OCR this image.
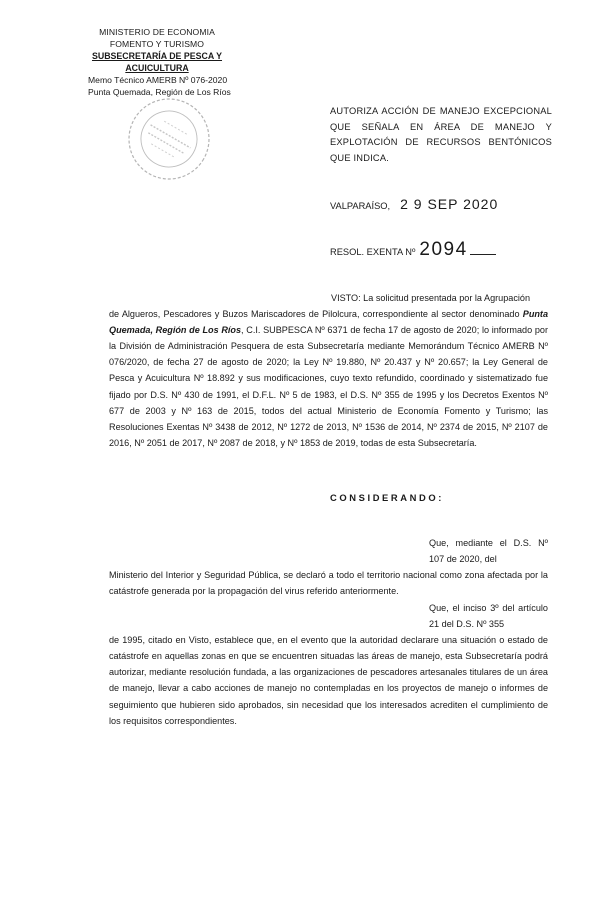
MINISTERIO DE ECONOMIA
FOMENTO Y TURISMO
SUBSECRETARÍA DE PESCA Y ACUICULTURA
Memo Técnico AMERB Nº 076-2020
Punta Quemada, Región de Los Ríos
AUTORIZA ACCIÓN DE MANEJO EXCEPCIONAL QUE SEÑALA EN ÁREA DE MANEJO Y EXPLOTACIÓN DE RECURSOS BENTÓNICOS QUE INDICA.
VALPARAÍSO, 2 9 SEP 2020
RESOL. EXENTA Nº 2094
VISTO: La solicitud presentada por la Agrupación
de Algueros, Pescadores y Buzos Mariscadores de Pilolcura, correspondiente al sector denominado Punta Quemada, Región de Los Ríos, C.I. SUBPESCA Nº 6371 de fecha 17 de agosto de 2020; lo informado por la División de Administración Pesquera de esta Subsecretaría mediante Memorándum Técnico AMERB Nº 076/2020, de fecha 27 de agosto de 2020; la Ley Nº 19.880, Nº 20.437 y Nº 20.657; la Ley General de Pesca y Acuicultura Nº 18.892 y sus modificaciones, cuyo texto refundido, coordinado y sistematizado fue fijado por D.S. Nº 430 de 1991, el D.F.L. Nº 5 de 1983, el D.S. Nº 355 de 1995 y los Decretos Exentos Nº 677 de 2003 y Nº 163 de 2015, todos del actual Ministerio de Economía Fomento y Turismo; las Resoluciones Exentas Nº 3438 de 2012, Nº 1272 de 2013, Nº 1536 de 2014, Nº 2374 de 2015, Nº 2107 de 2016, Nº 2051 de 2017, Nº 2087 de 2018, y Nº 1853 de 2019, todas de esta Subsecretaría.
CONSIDERANDO:
Que, mediante el D.S. Nº 107 de 2020, del
Ministerio del Interior y Seguridad Pública, se declaró a todo el territorio nacional como zona afectada por la catástrofe generada por la propagación del virus referido anteriormente.
Que, el inciso 3º del artículo 21 del D.S. Nº 355
de 1995, citado en Visto, establece que, en el evento que la autoridad declarare una situación o estado de catástrofe en aquellas zonas en que se encuentren situadas las áreas de manejo, esta Subsecretaría podrá autorizar, mediante resolución fundada, a las organizaciones de pescadores artesanales titulares de un área de manejo, llevar a cabo acciones de manejo no contempladas en los proyectos de manejo o informes de seguimiento que hubieren sido aprobados, sin necesidad que los interesados acrediten el cumplimiento de los requisitos correspondientes.
